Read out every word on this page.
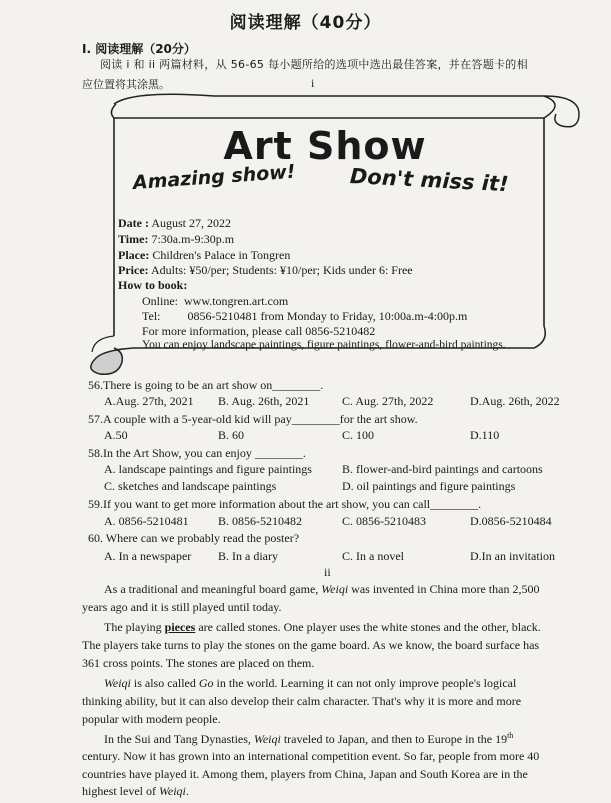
阅读理解（40分）
I. 阅读理解（20分）
阅读 i 和 ii 两篇材料，从 56-65 每小题所给的选项中选出最佳答案，并在答题卡的相
应位置将其涂黑。	i
Art Show
Amazing show!	Don't miss it!
Date : August 27, 2022
Time: 7:30a.m-9:30p.m
Place: Children's Palace in Tongren
Price: Adults: ¥50/per; Students: ¥10/per; Kids under 6: Free
How to book:
Online: www.tongren.art.com
Tel: 0856-5210481 from Monday to Friday, 10:00a.m-4:00p.m
For more information, please call 0856-5210482
You can enjoy landscape paintings, figure paintings, flower-and-bird paintings.
56.There is going to be an art show on________.
A.Aug. 27th, 2021 B. Aug. 26th, 2021	C. Aug. 27th, 2022	D.Aug. 26th, 2022
57.A couple with a 5-year-old kid will pay________for the art show.
A.50	B. 60	C. 100	D.110
58.In the Art Show, you can enjoy ________.
A. landscape paintings and figure paintings	B. flower-and-bird paintings and cartoons
C. sketches and landscape paintings	D. oil paintings and figure paintings
59.If you want to get more information about the art show, you can call________.
A. 0856-5210481 B. 0856-5210482	C. 0856-5210483	D.0856-5210484
60. Where can we probably read the poster?
A. In a newspaper B. In a diary	C. In a novel	D.In an invitation
ii
As a traditional and meaningful board game, Weiqi was invented in China more than 2,500
years ago and it is still played until today.
The playing pieces are called stones. One player uses the white stones and the other, black.
The players take turns to play the stones on the game board. As we know, the board surface has
361 cross points. The stones are placed on them.
Weiqi is also called Go in the world. Learning it can not only improve people's logical
thinking ability, but it can also develop their calm character. That's why it is more and more
popular with modern people.
In the Sui and Tang Dynasties, Weiqi traveled to Japan, and then to Europe in the 19th
century. Now it has grown into an international competition event. So far, people from more 40
countries have played it. Among them, players from China, Japan and South Korea are in the
highest level of Weiqi.
